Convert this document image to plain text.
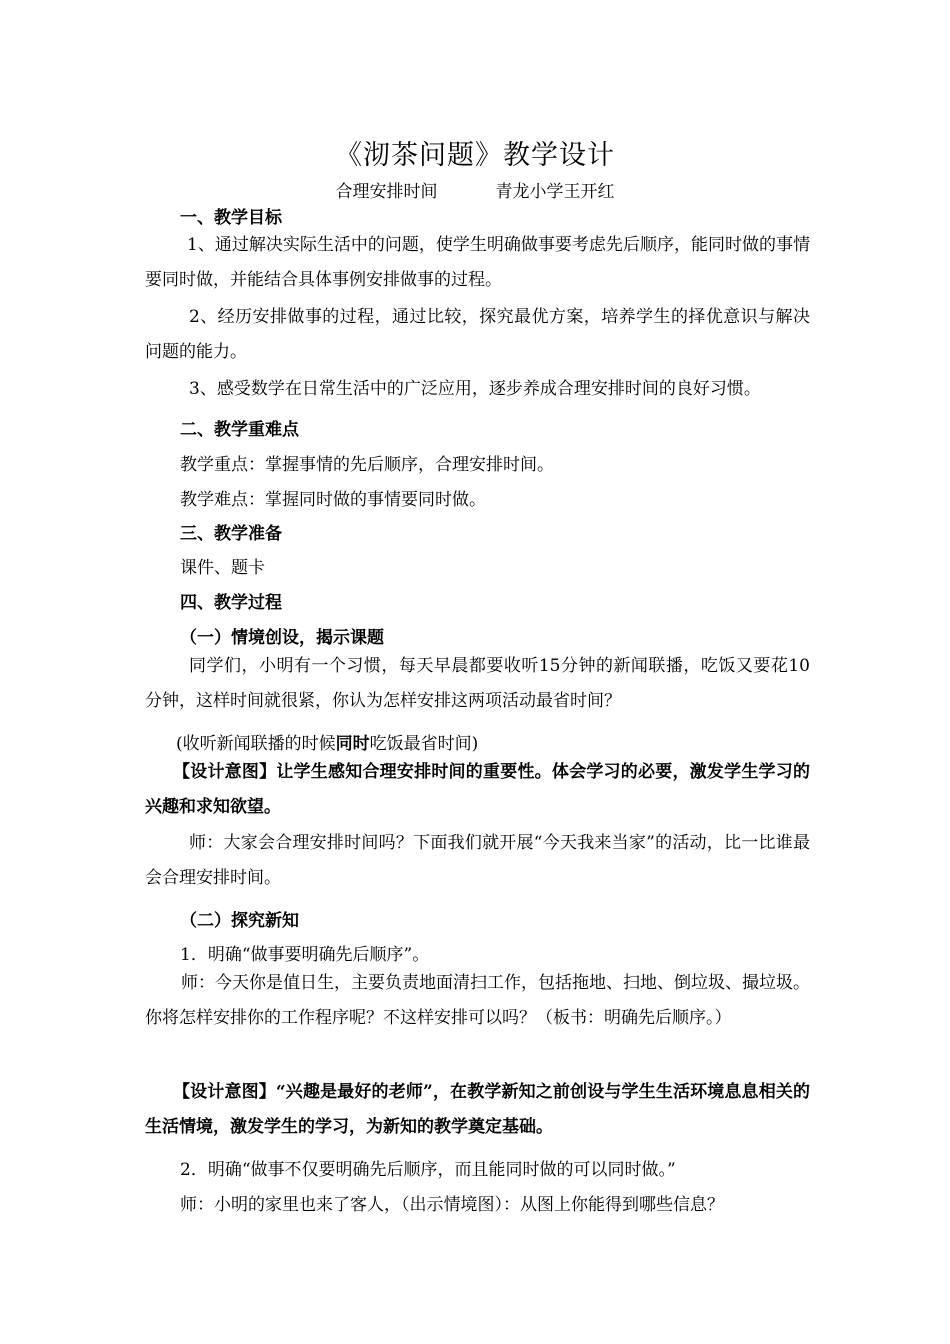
《沏茶问题》教学设计
合理安排时间	青龙小学王开红
一、教学目标
1、通过解决实际生活中的问题，使学生明确做事要考虑先后顺序，能同时做的事情要同时做，并能结合具体事例安排做事的过程。
2、经历安排做事的过程，通过比较，探究最优方案，培养学生的择优意识与解决问题的能力。
3、感受数学在日常生活中的广泛应用，逐步养成合理安排时间的良好习惯。
二、教学重难点
教学重点：掌握事情的先后顺序，合理安排时间。
教学难点：掌握同时做的事情要同时做。
三、教学准备
课件、题卡
四、教学过程
（一）情境创设，揭示课题
同学们，小明有一个习惯，每天早晨都要收听15分钟的新闻联播，吃饭又要花10分钟，这样时间就很紧，你认为怎样安排这两项活动最省时间？
(收听新闻联播的时候同时吃饭最省时间)
【设计意图】让学生感知合理安排时间的重要性。体会学习的必要，激发学生学习的兴趣和求知欲望。
师：大家会合理安排时间吗？下面我们就开展“今天我来当家”的活动，比一比谁最会合理安排时间。
（二）探究新知
1．明确“做事要明确先后顺序”。
师：今天你是值日生，主要负责地面清扫工作，包括拖地、扫地、倒垃圾、撮垃圾。你将怎样安排你的工作程序呢？不这样安排可以吗？（板书：明确先后顺序。）
【设计意图】“兴趣是最好的老师”，在教学新知之前创设与学生生活环境息息相关的生活情境，激发学生的学习，为新知的教学奠定基础。
2．明确“做事不仅要明确先后顺序，而且能同时做的可以同时做。”
师：小明的家里也来了客人，（出示情境图）：从图上你能得到哪些信息？
